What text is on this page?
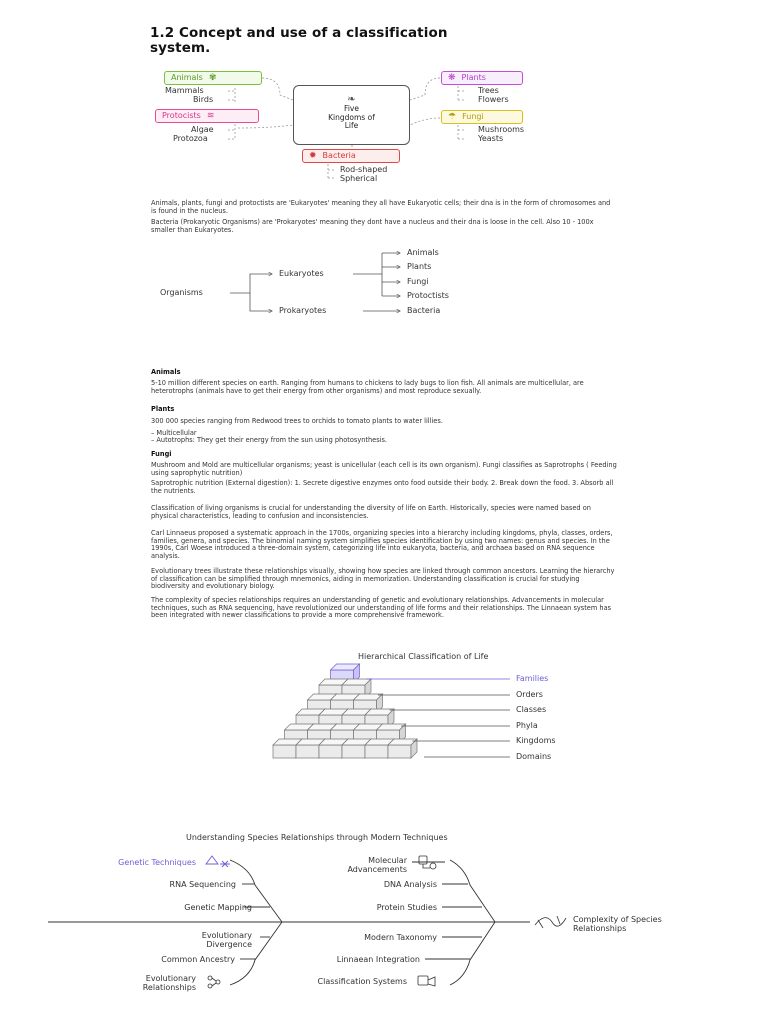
1.2 Concept and use of a classification
system.
❧
Five
Kingdoms of
Life
Animals ✾
Mammals
Birds
Protocists ≋
Algae
Protozoa
❋ Plants
Trees
Flowers
☂ Fungi
Mushrooms
Yeasts
✹ Bacteria
Rod-shaped
Spherical

Animals, plants, fungi and protoctists are 'Eukaryotes' meaning they all have Eukaryotic cells; their dna is in the form of chromosomes and is found in the nucleus.

Bacteria (Prokaryotic Organisms) are 'Prokaryotes' meaning they dont have a nucleus and their dna is loose in the cell. Also 10 - 100x smaller than Eukaryotes.

Organisms
Eukaryotes
Prokaryotes
Animals
Plants
Fungi
Protoctists
Bacteria
Animals

5-10 million different species on earth. Ranging from humans to chickens to lady bugs to lion fish. All animals are multicellular, are heterotrophs (animals have to get their energy from other organisms) and most reproduce sexually.

Plants

300 000 species ranging from Redwood trees to orchids to tomato plants to water lillies.

– Multicellular

– Autotrophs: They get their energy from the sun using photosynthesis.

Fungi

Mushroom and Mold are multicellular organisms; yeast is unicellular (each cell is its own organism). Fungi classifies as Saprotrophs ( Feeding using saprophytic nutrition)

Saprotrophic nutrition (External digestion): 1. Secrete digestive enzymes onto food outside their body. 2. Break down the food. 3. Absorb all the nutrients.

Classification of living organisms is crucial for understanding the diversity of life on Earth. Historically, species were named based on physical characteristics, leading to confusion and inconsistencies.

Carl Linnaeus proposed a systematic approach in the 1700s, organizing species into a hierarchy including kingdoms, phyla, classes, orders, families, genera, and species. The binomial naming system simplifies species identification by using two names: genus and species. In the 1990s, Carl Woese introduced a three-domain system, categorizing life into eukaryota, bacteria, and archaea based on RNA sequence analysis.

Evolutionary trees illustrate these relationships visually, showing how species are linked through common ancestors. Learning the hierarchy of classification can be simplified through mnemonics, aiding in memorization. Understanding classification is crucial for studying biodiversity and evolutionary biology.

The complexity of species relationships requires an understanding of genetic and evolutionary relationships. Advancements in molecular techniques, such as RNA sequencing, have revolutionized our understanding of life forms and their relationships. The Linnaean system has been integrated with newer classifications to provide a more comprehensive framework.

Hierarchical Classification of Life
Families
Orders
Classes
Phyla
Kingdoms
Domains
Understanding Species Relationships through Modern Techniques
Genetic Techniques
RNA Sequencing
Genetic Mapping
Evolutionary
Divergence
Common Ancestry
Evolutionary
Relationships
Molecular
Advancements
DNA Analysis
Protein Studies
Modern Taxonomy
Linnaean Integration
Classification Systems
Complexity of Species
Relationships
